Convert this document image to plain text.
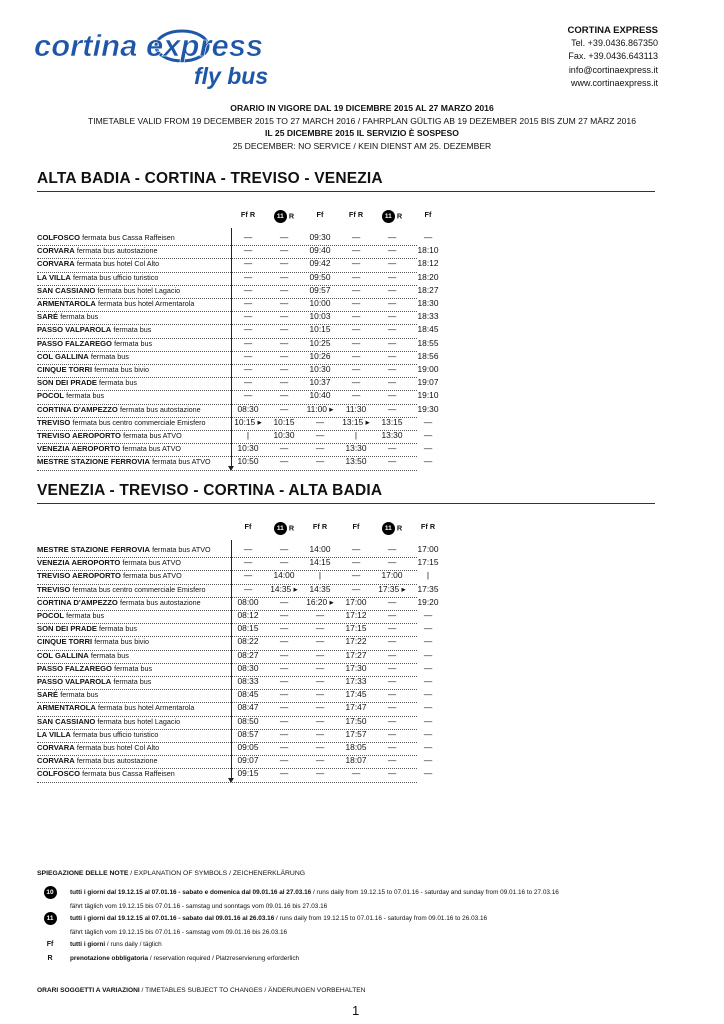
cortina express
fly bus
CORTINA EXPRESS
Tel. +39.0436.867350
Fax. +39.0436.643113
info@cortinaexpress.it
www.cortinaexpress.it
ORARIO IN VIGORE DAL 19 DICEMBRE 2015 AL 27 MARZO 2016
TIMETABLE VALID FROM 19 DECEMBER 2015 TO 27 MARCH 2016 / FAHRPLAN GÜLTIG AB 19 DEZEMBER 2015 BIS ZUM 27 MÄRZ 2016
IL 25 DICEMBRE 2015 IL SERVIZIO È SOSPESO
25 DECEMBER: NO SERVICE / KEIN DIENST AM 25. DEZEMBER
ALTA BADIA - CORTINA - TREVISO - VENEZIA
Ff R	11 R	Ff	Ff R	11 R	Ff
COLFOSCO fermata bus Cassa Raffeisen	—	—	09:30	—	—	—
CORVARA fermata bus autostazione	—	—	09:40	—	—	18:10
CORVARA fermata bus hotel Col Alto	—	—	09:42	—	—	18:12
LA VILLA fermata bus ufficio turistico	—	—	09:50	—	—	18:20
SAN CASSIANO fermata bus hotel Lagacio	—	—	09:57	—	—	18:27
ARMENTAROLA fermata bus hotel Armentarola	—	—	10:00	—	—	18:30
SARÉ fermata bus	—	—	10:03	—	—	18:33
PASSO VALPAROLA fermata bus	—	—	10:15	—	—	18:45
PASSO FALZAREGO fermata bus	—	—	10:25	—	—	18:55
COL GALLINA fermata bus	—	—	10:26	—	—	18:56
CINQUE TORRI fermata bus bivio	—	—	10:30	—	—	19:00
SON DEI PRADE fermata bus	—	—	10:37	—	—	19:07
POCOL fermata bus	—	—	10:40	—	—	19:10
CORTINA D'AMPEZZO fermata bus autostazione	08:30	—	11:00 ▸	11:30	—	19:30
TREVISO fermata bus centro commerciale Emisfero	10:15 ▸	10:15	—	13:15 ▸	13:15	—
TREVISO AEROPORTO fermata bus ATVO	|	10:30	—	|	13:30	—
VENEZIA AEROPORTO fermata bus ATVO	10:30	—	—	13:30	—	—
MESTRE STAZIONE FERROVIA fermata bus ATVO	10:50	—	—	13:50	—	—
VENEZIA - TREVISO - CORTINA - ALTA BADIA
Ff	11 R	Ff R	Ff	11 R	Ff R
MESTRE STAZIONE FERROVIA fermata bus ATVO	—	—	14:00	—	—	17:00
VENEZIA AEROPORTO fermata bus ATVO	—	—	14:15	—	—	17:15
TREVISO AEROPORTO fermata bus ATVO	—	14:00	|	—	17:00	|
TREVISO fermata bus centro commerciale Emisfero	—	14:35 ▸	14:35	—	17:35 ▸	17:35
CORTINA D'AMPEZZO fermata bus autostazione	08:00	—	16:20 ▸	17:00	—	19:20
POCOL fermata bus	08:12	—	—	17:12	—	—
SON DEI PRADE fermata bus	08:15	—	—	17:15	—	—
CINQUE TORRI fermata bus bivio	08:22	—	—	17:22	—	—
COL GALLINA fermata bus	08:27	—	—	17:27	—	—
PASSO FALZAREGO fermata bus	08:30	—	—	17:30	—	—
PASSO VALPAROLA fermata bus	08:33	—	—	17:33	—	—
SARÉ fermata bus	08:45	—	—	17:45	—	—
ARMENTAROLA fermata bus hotel Armentarola	08:47	—	—	17:47	—	—
SAN CASSIANO fermata bus hotel Lagacio	08:50	—	—	17:50	—	—
LA VILLA fermata bus ufficio turistico	08:57	—	—	17:57	—	—
CORVARA fermata bus hotel Col Alto	09:05	—	—	18:05	—	—
CORVARA fermata bus autostazione	09:07	—	—	18:07	—	—
COLFOSCO fermata bus Cassa Raffeisen	09:15	—	—	—	—	—
SPIEGAZIONE DELLE NOTE / EXPLANATION OF SYMBOLS / ZEICHENERKLÄRUNG
10	tutti i giorni dal 19.12.15 al 07.01.16 - sabato e domenica dal 09.01.16 al 27.03.16 / runs daily from 19.12.15 to 07.01.16 - saturday and sunday from 09.01.16 to 27.03.16
fährt täglich vom 19.12.15 bis 07.01.16 - samstag und sonntags vom 09.01.16 bis 27.03.16
11	tutti i giorni dal 19.12.15 al 07.01.16 - sabato dal 09.01.16 al 26.03.16 / runs daily from 19.12.15 to 07.01.16 - saturday from 09.01.16 to 26.03.16
fährt täglich vom 19.12.15 bis 07.01.16 - samstag vom 09.01.16 bis 26.03.16
Ff	tutti i giorni / runs daily / täglich
R	prenotazione obbligatoria / reservation required / Platzreservierung erforderlich
ORARI SOGGETTI A VARIAZIONI / TIMETABLES SUBJECT TO CHANGES / ÄNDERUNGEN VORBEHALTEN
1
